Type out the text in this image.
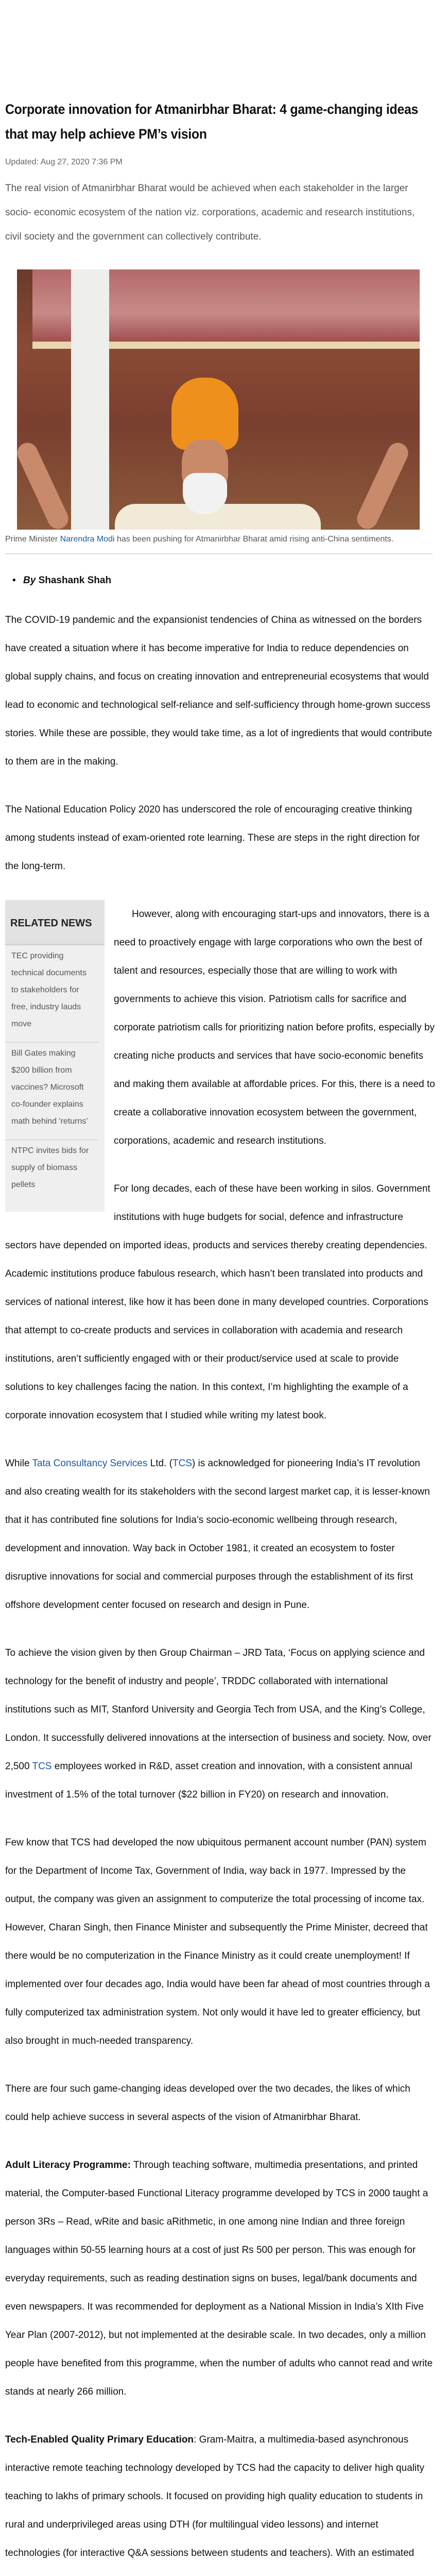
Corporate innovation for Atmanirbhar Bharat: 4 game-changing ideas that may help achieve PM’s vision
Updated: Aug 27, 2020 7:36 PM
The real vision of Atmanirbhar Bharat would be achieved when each stakeholder in the larger socio- economic ecosystem of the nation viz. corporations, academic and research institutions, civil society and the government can collectively contribute.
Prime Minister Narendra Modi has been pushing for Atmanirbhar Bharat amid rising anti-China sentiments.
• By Shashank Shah

The COVID-19 pandemic and the expansionist tendencies of China as witnessed on the borders have created a situation where it has become imperative for India to reduce dependencies on global supply chains, and focus on creating innovation and entrepreneurial ecosystems that would lead to economic and technological self-reliance and self-sufficiency through home-grown success stories. While these are possible, they would take time, as a lot of ingredients that would contribute to them are in the making.

The National Education Policy 2020 has underscored the role of encouraging creative thinking among students instead of exam-oriented rote learning. These are steps in the right direction for the long-term.

RELATED NEWS
TEC providing technical documents to stakeholders for free, industry lauds move
Bill Gates making $200 billion from vaccines? Microsoft co-founder explains math behind 'returns'
NTPC invites bids for supply of biomass pellets

However, along with encouraging start-ups and innovators, there is a need to proactively engage with large corporations who own the best of talent and resources, especially those that are willing to work with governments to achieve this vision. Patriotism calls for sacrifice and corporate patriotism calls for prioritizing nation before profits, especially by creating niche products and services that have socio-economic benefits and making them available at affordable prices. For this, there is a need to create a collaborative innovation ecosystem between the government, corporations, academic and research institutions.

For long decades, each of these have been working in silos. Government institutions with huge budgets for social, defence and infrastructure sectors have depended on imported ideas, products and services thereby creating dependencies. Academic institutions produce fabulous research, which hasn’t been translated into products and services of national interest, like how it has been done in many developed countries. Corporations that attempt to co-create products and services in collaboration with academia and research institutions, aren’t sufficiently engaged with or their product/service used at scale to provide solutions to key challenges facing the nation. In this context, I’m highlighting the example of a corporate innovation ecosystem that I studied while writing my latest book.

While Tata Consultancy Services Ltd. (TCS) is acknowledged for pioneering India’s IT revolution and also creating wealth for its stakeholders with the second largest market cap, it is lesser-known that it has contributed fine solutions for India’s socio-economic wellbeing through research, development and innovation. Way back in October 1981, it created an ecosystem to foster disruptive innovations for social and commercial purposes through the establishment of its first offshore development center focused on research and design in Pune.

To achieve the vision given by then Group Chairman – JRD Tata, ‘Focus on applying science and technology for the benefit of industry and people’, TRDDC collaborated with international institutions such as MIT, Stanford University and Georgia Tech from USA, and the King’s College, London. It successfully delivered innovations at the intersection of business and society. Now, over 2,500 TCS employees worked in R&D, asset creation and innovation, with a consistent annual investment of 1.5% of the total turnover ($22 billion in FY20) on research and innovation.

Few know that TCS had developed the now ubiquitous permanent account number (PAN) system for the Department of Income Tax, Government of India, way back in 1977. Impressed by the output, the company was given an assignment to computerize the total processing of income tax. However, Charan Singh, then Finance Minister and subsequently the Prime Minister, decreed that there would be no computerization in the Finance Ministry as it could create unemployment! If implemented over four decades ago, India would have been far ahead of most countries through a fully computerized tax administration system. Not only would it have led to greater efficiency, but also brought in much-needed transparency.

There are four such game-changing ideas developed over the two decades, the likes of which could help achieve success in several aspects of the vision of Atmanirbhar Bharat.

Adult Literacy Programme: Through teaching software, multimedia presentations, and printed material, the Computer-based Functional Literacy programme developed by TCS in 2000 taught a person 3Rs – Read, wRite and basic aRithmetic, in one among nine Indian and three foreign languages within 50-55 learning hours at a cost of just Rs 500 per person. This was enough for everyday requirements, such as reading destination signs on buses, legal/bank documents and even newspapers. It was recommended for deployment as a National Mission in India’s XIth Five Year Plan (2007-2012), but not implemented at the desirable scale. In two decades, only a million people have benefited from this programme, when the number of adults who cannot read and write stands at nearly 266 million.

Tech-Enabled Quality Primary Education: Gram-Maitra, a multimedia-based asynchronous interactive remote teaching technology developed by TCS had the capacity to deliver high quality teaching to lakhs of primary schools. It focused on providing high quality education to students in rural and underprivileged areas using DTH (for multilingual video lessons) and internet technologies (for interactive Q&A sessions between students and teachers). With an estimated
